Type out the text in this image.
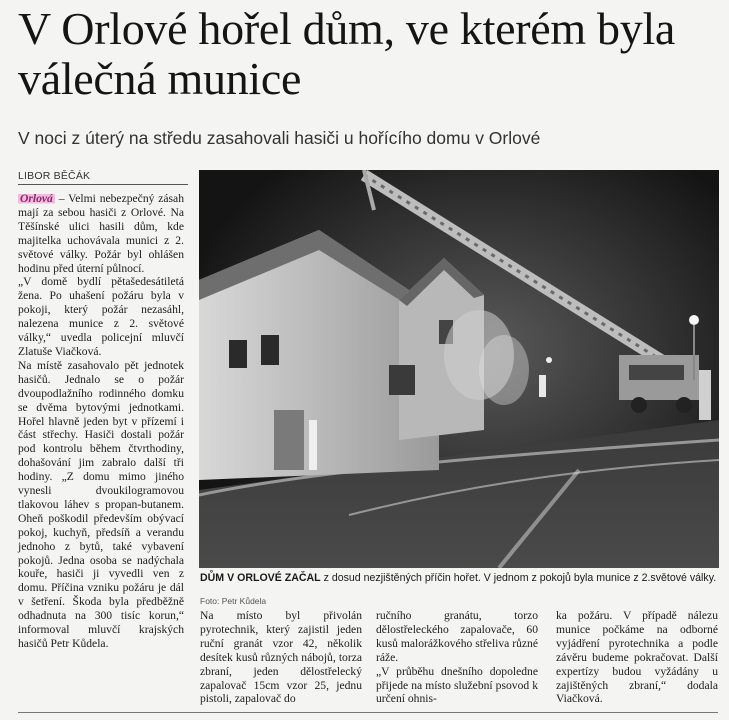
V Orlové hořel dům, ve kterém byla válečná munice

V noci z úterý na středu zasahovali hasiči u hořícího domu v Orlové

LIBOR BĚČÁK

Orlová – Velmi nebezpečný zásah mají za sebou hasiči z Orlové. Na Těšínské ulici hasili dům, kde majitelka uchovávala munici z 2. světové války. Požár byl ohlášen hodinu před úterní půlnocí.

„V domě bydlí pětašedesátiletá žena. Po uhašení požáru byla v pokoji, který požár nezasáhl, nalezena munice z 2. světové války,“ uvedla policejní mluvčí Zlatuše Viačková.

Na místě zasahovalo pět jednotek hasičů. Jednalo se o požár dvoupodlažního rodinného domku se dvěma bytovými jednotkami. Hořel hlavně jeden byt v přízemí i část střechy. Hasiči dostali požár pod kontrolu během čtvrthodiny, dohašování jim zabralo další tři hodiny. „Z domu mimo jiného vynesli dvoukilogramovou tlakovou láhev s propan-butanem. Oheň poškodil především obývací pokoj, kuchyň, předsíň a verandu jednoho z bytů, také vybavení pokojů. Jedna osoba se nadýchala kouře, hasiči ji vyvedli ven z domu. Příčina vzniku požáru je dál v šetření. Škoda byla předběžně odhadnuta na 300 tisíc korun,“ informoval mluvčí krajských hasičů Petr Kůdela.

DŮM V ORLOVÉ ZAČAL z dosud nezjištěných příčin hořet. V jednom z pokojů byla munice z 2.světové války.
Foto: Petr Kůdela

Na místo byl přivolán pyrotechnik, který zajistil jeden ruční granát vzor 42, několik desítek kusů různých nábojů, torza zbraní, jeden dělostřelecký zapalovač 15cm vzor 25, jednu pistoli, zapalovač do

ručního granátu, torzo dělostřeleckého zapalovače, 60 kusů malorážkového střeliva různé ráže.

„V průběhu dnešního dopoledne přijede na místo služební psovod k určení ohnis-

ka požáru. V případě nálezu munice počkáme na odborné vyjádření pyrotechnika a podle závěru budeme pokračovat. Další expertízy budou vyžádány u zajištěných zbraní,“ dodala Viačková.
